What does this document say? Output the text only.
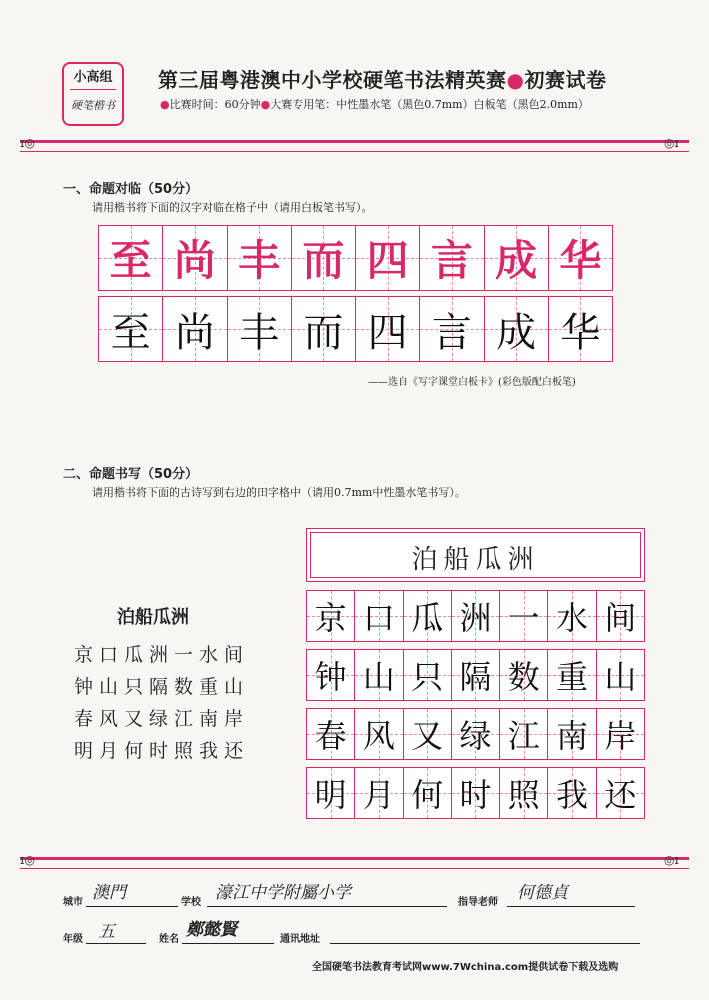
小高组
硬笔楷书
第三届粤港澳中小学校硬笔书法精英赛●初赛试卷
●比赛时间：60分钟●大赛专用笔：中性墨水笔（黑色0.7mm）白板笔（黑色2.0mm）
ɪ◎	◎ɪ
一、命题对临（50分）
请用楷书将下面的汉字对临在格子中（请用白板笔书写）。
至 尚 丰 而 四 言 成 华
至 尚 丰 而 四 言 成 华
——选自《写字课堂白板卡》(彩色版配白板笔)
二、命题书写（50分）
请用楷书将下面的古诗写到右边的田字格中（请用0.7mm中性墨水笔书写）。
泊船瓜洲
京口瓜洲一水间
钟山只隔数重山
春风又绿江南岸
明月何时照我还
泊船瓜洲
京 口 瓜 洲 一 水 间
钟 山 只 隔 数 重 山
春 风 又 绿 江 南 岸
明 月 何 时 照 我 还
ɪ◎	◎ɪ
城市 澳門	学校 濠江中学附屬小学	指导老师 何德貞
年级 五	姓名 鄭懿賢	通讯地址
全国硬笔书法教育考试网www.7Wchina.com提供试卷下载及选购
